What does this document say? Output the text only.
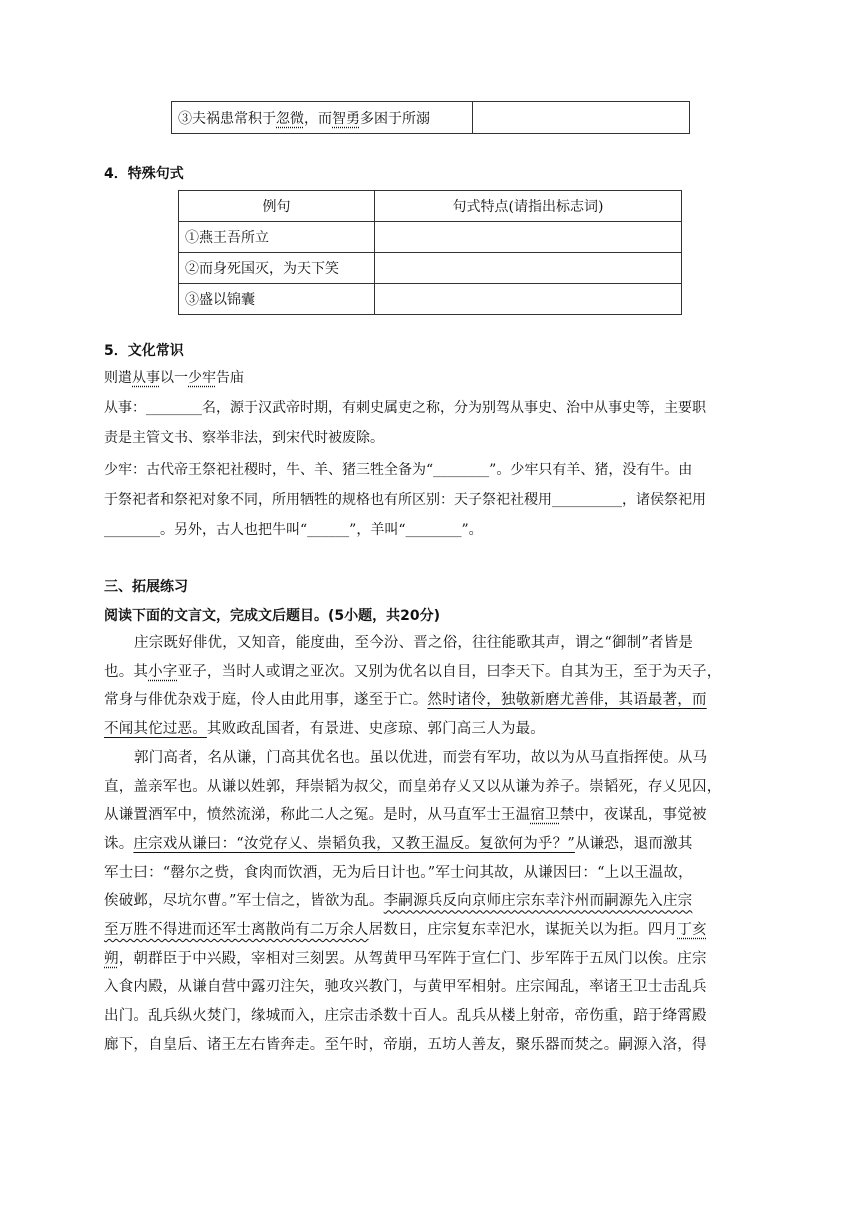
③夫祸患常积于忽微，而智勇多困于所溺	
4．特殊句式
例句	句式特点(请指出标志词)
①燕王吾所立	
②而身死国灭，为天下笑	
③盛以锦囊	
5．文化常识
则遣从事以一少牢告庙
从事：________名，源于汉武帝时期，有刺史属吏之称，分为别驾从事史、治中从事史等，主要职
责是主管文书、察举非法，到宋代时被废除。
少牢：古代帝王祭祀社稷时，牛、羊、猪三牲全备为“________”。少牢只有羊、猪，没有牛。由
于祭祀者和祭祀对象不同，所用牺牲的规格也有所区别：天子祭祀社稷用__________，诸侯祭祀用
________。另外，古人也把牛叫“______”，羊叫“________”。
三、拓展练习
阅读下面的文言文，完成文后题目。(5小题，共20分)
庄宗既好俳优，又知音，能度曲，至今汾、晋之俗，往往能歌其声，谓之“御制”者皆是
也。其小字亚子，当时人或谓之亚次。又别为优名以自目，曰李天下。自其为王，至于为天子，
常身与俳优杂戏于庭，伶人由此用事，遂至于亡。然时诸伶，独敬新磨尤善俳，其语最著，而
不闻其佗过恶。其败政乱国者，有景进、史彦琼、郭门高三人为最。
郭门高者，名从谦，门高其优名也。虽以优进，而尝有军功，故以为从马直指挥使。从马
直，盖亲军也。从谦以姓郭，拜崇韬为叔父，而皇弟存乂又以从谦为养子。崇韬死，存乂见囚，
从谦置酒军中，愤然流涕，称此二人之冤。是时，从马直军士王温宿卫禁中，夜谋乱，事觉被
诛。庄宗戏从谦曰：“汝党存乂、崇韬负我，又教王温反。复欲何为乎？”从谦恐，退而激其
军士曰：“罄尔之赀，食肉而饮酒，无为后日计也。”军士问其故，从谦因曰：“上以王温故，
俟破邺，尽坑尔曹。”军士信之，皆欲为乱。李嗣源兵反向京师庄宗东幸汴州而嗣源先入庄宗
至万胜不得进而还军士离散尚有二万余人居数日，庄宗复东幸汜水，谋扼关以为拒。四月丁亥
朔，朝群臣于中兴殿，宰相对三刻罢。从驾黄甲马军阵于宣仁门、步军阵于五凤门以俟。庄宗
入食内殿，从谦自营中露刃注矢，驰攻兴教门，与黄甲军相射。庄宗闻乱，率诸王卫士击乱兵
出门。乱兵纵火焚门，缘城而入，庄宗击杀数十百人。乱兵从楼上射帝，帝伤重，踣于绛霄殿
廊下，自皇后、诸王左右皆奔走。至午时，帝崩，五坊人善友，聚乐器而焚之。嗣源入洛，得
